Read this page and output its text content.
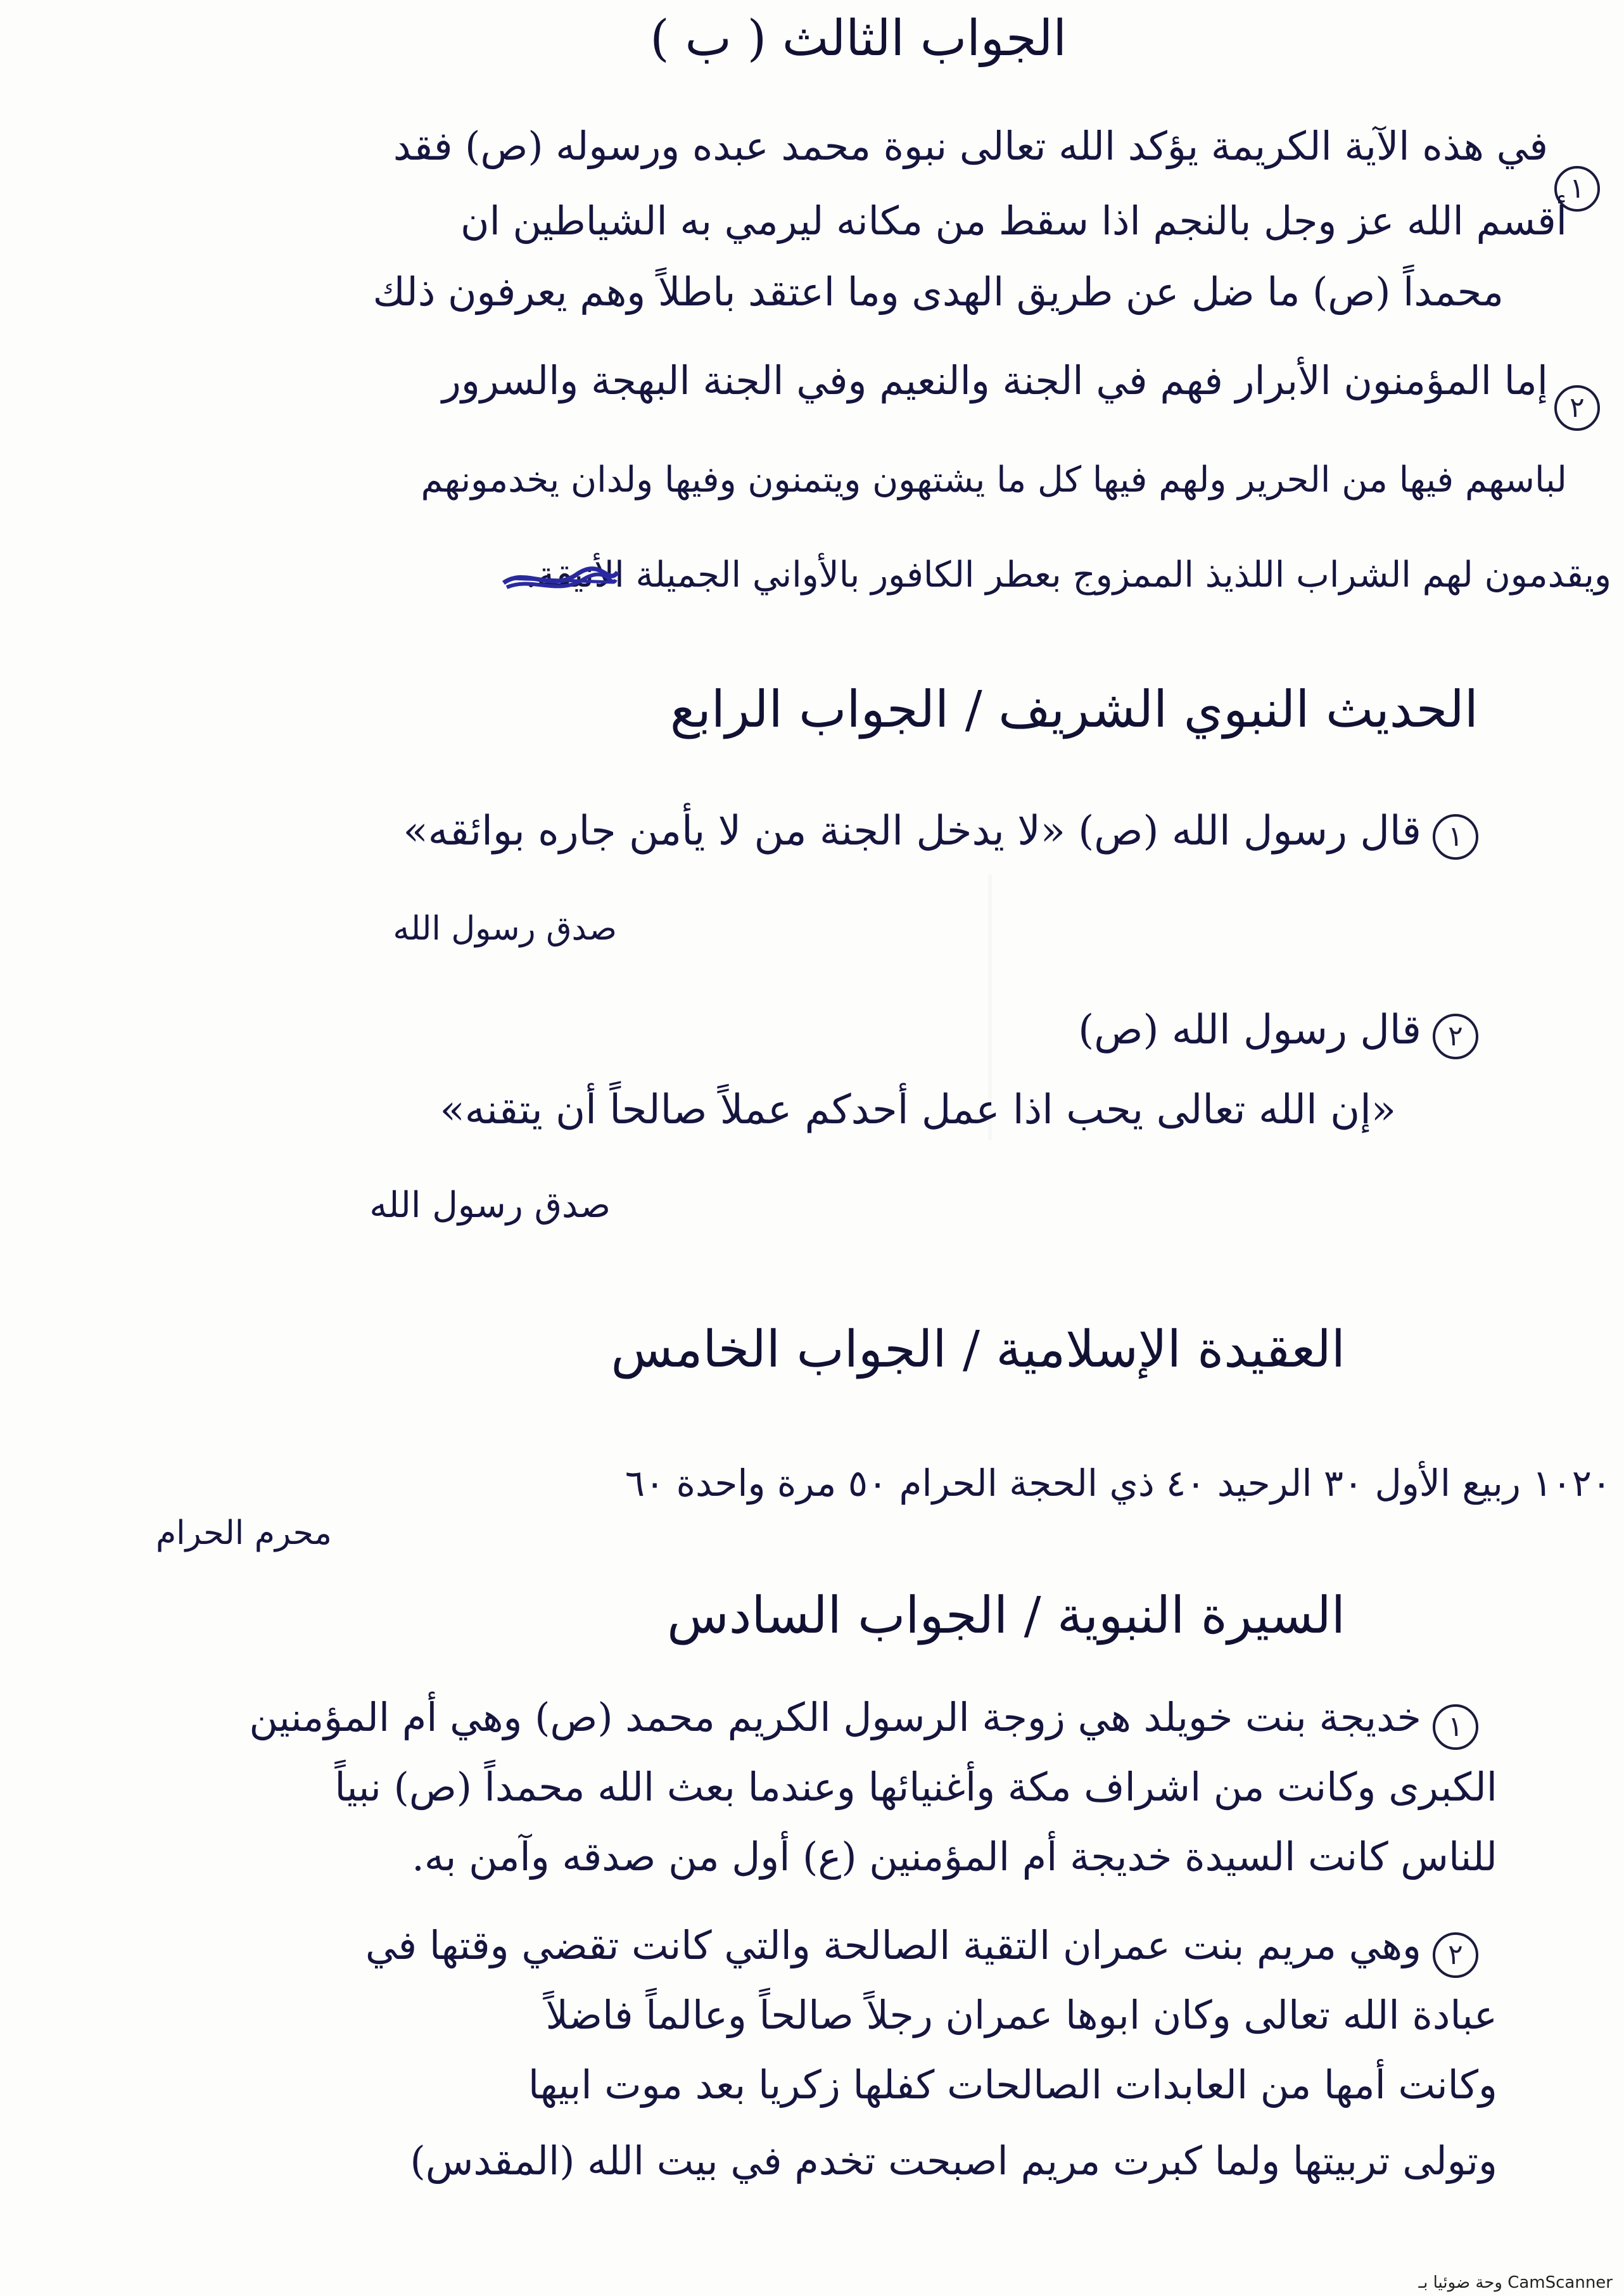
الجواب الثالث ( ب )
١
في هذه الآية الكريمة يؤكد الله تعالى نبوة محمد عبده ورسوله (ص) فقد
أقسم الله عز وجل بالنجم اذا سقط من مكانه ليرمي به الشياطين ان
محمداً (ص) ما ضل عن طريق الهدى وما اعتقد باطلاً وهم يعرفون ذلك
٢
إما المؤمنون الأبرار فهم في الجنة والنعيم وفي الجنة البهجة والسرور
لباسهم فيها من الحرير ولهم فيها كل ما يشتهون ويتمنون وفيها ولدان يخدمونهم
ويقدمون لهم الشراب اللذيذ الممزوج بعطر الكافور بالأواني الجميلة الأنيقة.
الحديث النبوي الشريف / الجواب الرابع
١
قال رسول الله (ص) «لا يدخل الجنة من لا يأمن جاره بوائقه»
صدق رسول الله
٢
قال رسول الله (ص)
«إن الله تعالى يحب اذا عمل أحدكم عملاً صالحاً أن يتقنه»
صدق رسول الله
العقيدة الإسلامية / الجواب الخامس
١٠٢٠ ربيع الأول ٣٠ الرحيد ٤٠ ذي الحجة الحرام ٥٠ مرة واحدة ٦٠
محرم الحرام
السيرة النبوية / الجواب السادس
١
خديجة بنت خويلد هي زوجة الرسول الكريم محمد (ص) وهي أم المؤمنين
الكبرى وكانت من اشراف مكة وأغنيائها وعندما بعث الله محمداً (ص) نبياً
للناس كانت السيدة خديجة أم المؤمنين (ع) أول من صدقه وآمن به.
٢
وهي مريم بنت عمران التقية الصالحة والتي كانت تقضي وقتها في
عبادة الله تعالى وكان ابوها عمران رجلاً صالحاً وعالماً فاضلاً
وكانت أمها من العابدات الصالحات كفلها زكريا بعد موت ابيها
وتولى تربيتها ولما كبرت مريم اصبحت تخدم في بيت الله (المقدس)
CamScanner وحة ضوئيا بـ
